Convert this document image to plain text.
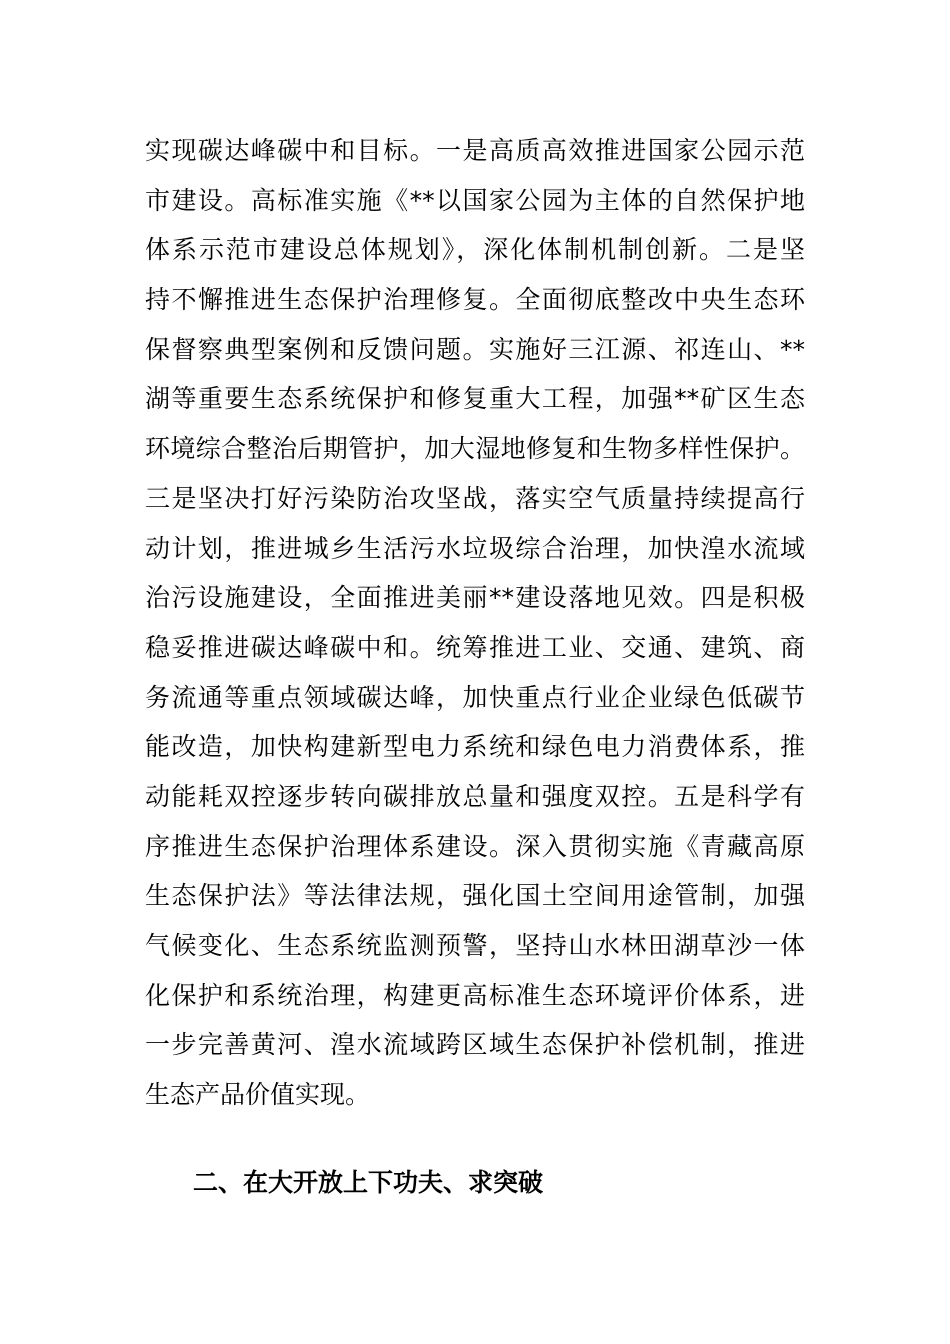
实现碳达峰碳中和目标。一是高质高效推进国家公园示范
市建设。高标准实施《**以国家公园为主体的自然保护地
体系示范市建设总体规划》，深化体制机制创新。二是坚
持不懈推进生态保护治理修复。全面彻底整改中央生态环
保督察典型案例和反馈问题。实施好三江源、祁连山、**
湖等重要生态系统保护和修复重大工程，加强**矿区生态
环境综合整治后期管护，加大湿地修复和生物多样性保护。
三是坚决打好污染防治攻坚战，落实空气质量持续提高行
动计划，推进城乡生活污水垃圾综合治理，加快湟水流域
治污设施建设，全面推进美丽**建设落地见效。四是积极
稳妥推进碳达峰碳中和。统筹推进工业、交通、建筑、商
务流通等重点领域碳达峰，加快重点行业企业绿色低碳节
能改造，加快构建新型电力系统和绿色电力消费体系，推
动能耗双控逐步转向碳排放总量和强度双控。五是科学有
序推进生态保护治理体系建设。深入贯彻实施《青藏高原
生态保护法》等法律法规，强化国土空间用途管制，加强
气候变化、生态系统监测预警，坚持山水林田湖草沙一体
化保护和系统治理，构建更高标准生态环境评价体系，进
一步完善黄河、湟水流域跨区域生态保护补偿机制，推进
生态产品价值实现。
二、在大开放上下功夫、求突破
